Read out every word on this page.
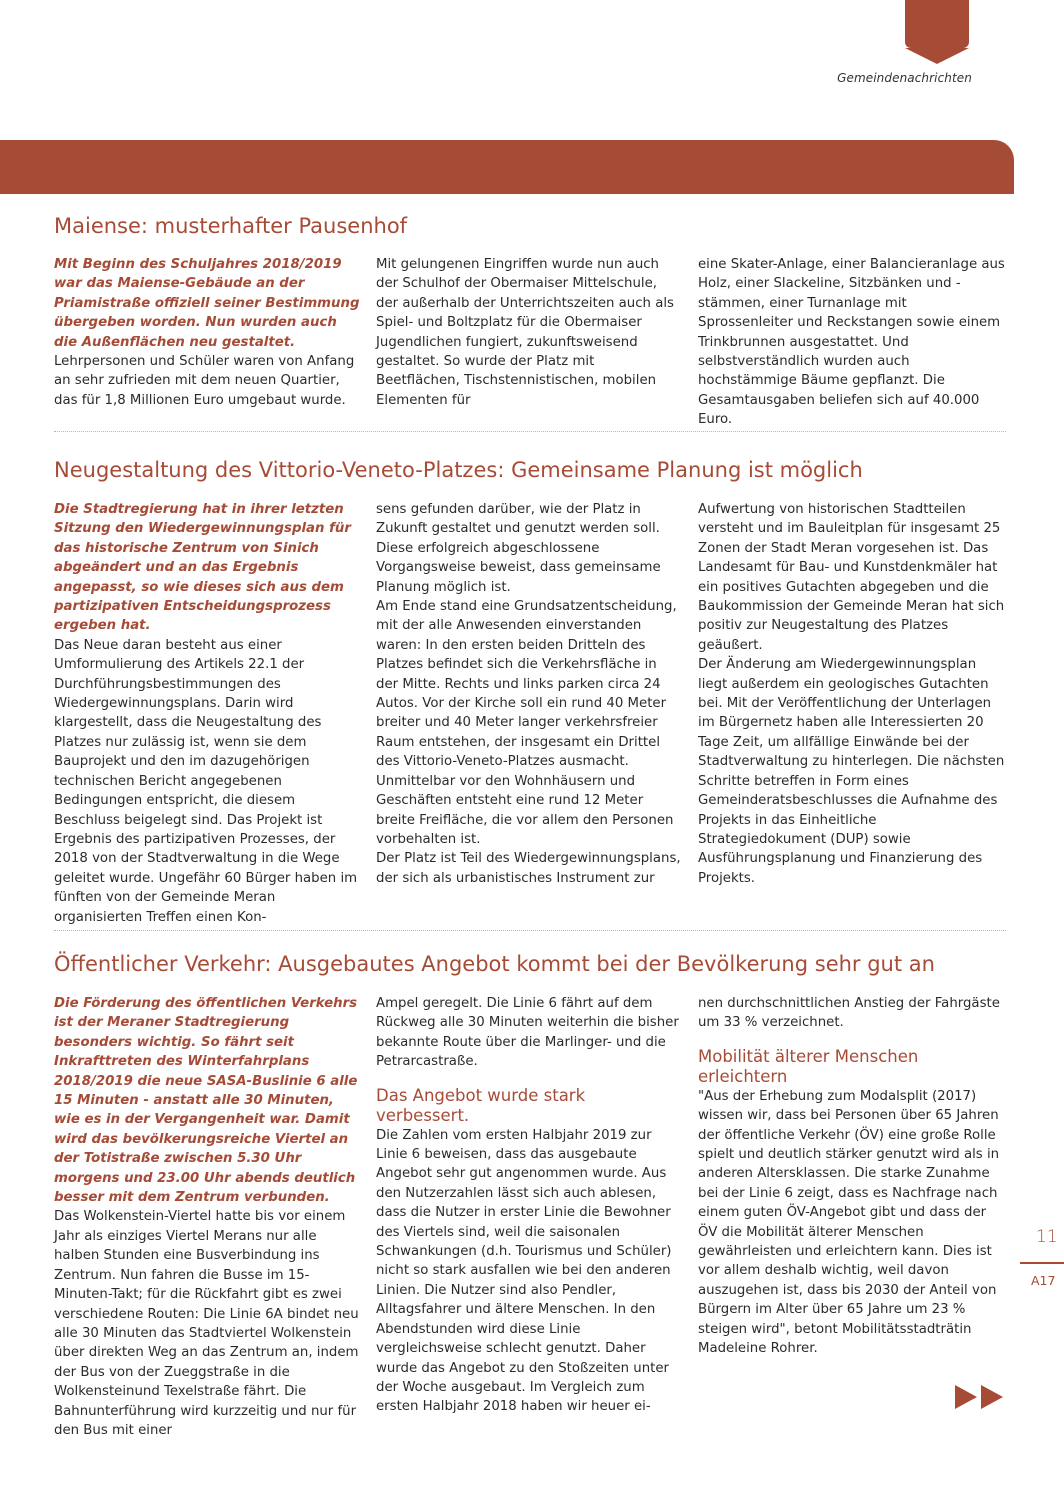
Gemeindenachrichten
Maiense: musterhafter Pausenhof

Mit Beginn des Schuljahres 2018/2019 war das Maiense-Gebäude an der Priamistraße offiziell seiner Bestimmung übergeben worden. Nun wurden auch die Außenflächen neu gestaltet.

Lehrpersonen und Schüler waren von Anfang an sehr zufrieden mit dem neuen Quartier, das für 1,8 Millionen Euro umgebaut wurde.

Mit gelungenen Eingriffen wurde nun auch der Schulhof der Obermaiser Mittelschule, der außerhalb der Unterrichtszeiten auch als Spiel- und Boltzplatz für die Obermaiser Jugendlichen fungiert, zukunftsweisend gestaltet. So wurde der Platz mit Beetflächen, Tischstennistischen, mobilen Elementen für

eine Skater-Anlage, einer Balancieranlage aus Holz, einer Slackeline, Sitzbänken und -stämmen, einer Turnanlage mit Sprossenleiter und Reckstangen sowie einem Trinkbrunnen ausgestattet. Und selbstverständlich wurden auch hochstämmige Bäume gepflanzt. Die Gesamtausgaben beliefen sich auf 40.000 Euro.

Neugestaltung des Vittorio-Veneto-Platzes: Gemeinsame Planung ist möglich

Die Stadtregierung hat in ihrer letzten Sitzung den Wiedergewinnungsplan für das historische Zentrum von Sinich abgeändert und an das Ergebnis angepasst, so wie dieses sich aus dem partizipativen Entscheidungsprozess ergeben hat.

Das Neue daran besteht aus einer Umformulierung des Artikels 22.1 der Durchführungsbestimmungen des Wiedergewinnungsplans. Darin wird klargestellt, dass die Neugestaltung des Platzes nur zulässig ist, wenn sie dem Bauprojekt und den im dazugehörigen technischen Bericht angegebenen Bedingungen entspricht, die diesem Beschluss beigelegt sind. Das Projekt ist Ergebnis des partizipativen Prozesses, der 2018 von der Stadtverwaltung in die Wege geleitet wurde. Ungefähr 60 Bürger haben im fünften von der Gemeinde Meran organisierten Treffen einen Kon-

sens gefunden darüber, wie der Platz in Zukunft gestaltet und genutzt werden soll. Diese erfolgreich abgeschlossene Vorgangsweise beweist, dass gemeinsame Planung möglich ist.

Am Ende stand eine Grundsatzentscheidung, mit der alle Anwesenden einverstanden waren: In den ersten beiden Dritteln des Platzes befindet sich die Verkehrsfläche in der Mitte. Rechts und links parken circa 24 Autos. Vor der Kirche soll ein rund 40 Meter breiter und 40 Meter langer verkehrsfreier Raum entstehen, der insgesamt ein Drittel des Vittorio-Veneto-Platzes ausmacht. Unmittelbar vor den Wohnhäusern und Geschäften entsteht eine rund 12 Meter breite Freifläche, die vor allem den Personen vorbehalten ist.

Der Platz ist Teil des Wiedergewinnungsplans, der sich als urbanistisches Instrument zur

Aufwertung von historischen Stadtteilen versteht und im Bauleitplan für insgesamt 25 Zonen der Stadt Meran vorgesehen ist. Das Landesamt für Bau- und Kunstdenkmäler hat ein positives Gutachten abgegeben und die Baukommission der Gemeinde Meran hat sich positiv zur Neugestaltung des Platzes geäußert.

Der Änderung am Wiedergewinnungsplan liegt außerdem ein geologisches Gutachten bei. Mit der Veröffentlichung der Unterlagen im Bürgernetz haben alle Interessierten 20 Tage Zeit, um allfällige Einwände bei der Stadtverwaltung zu hinterlegen. Die nächsten Schritte betreffen in Form eines Gemeinderatsbeschlusses die Aufnahme des Projekts in das Einheitliche Strategiedokument (DUP) sowie Ausführungsplanung und Finanzierung des Projekts.

Öffentlicher Verkehr: Ausgebautes Angebot kommt bei der Bevölkerung sehr gut an

Die Förderung des öffentlichen Verkehrs ist der Meraner Stadtregierung besonders wichtig. So fährt seit Inkrafttreten des Winterfahrplans 2018/2019 die neue SASA-Buslinie 6 alle 15 Minuten - anstatt alle 30 Minuten, wie es in der Vergangenheit war. Damit wird das bevölkerungsreiche Viertel an der Totistraße zwischen 5.30 Uhr morgens und 23.00 Uhr abends deutlich besser mit dem Zentrum verbunden.

Das Wolkenstein-Viertel hatte bis vor einem Jahr als einziges Viertel Merans nur alle halben Stunden eine Busverbindung ins Zentrum. Nun fahren die Busse im 15-Minuten-Takt; für die Rückfahrt gibt es zwei verschiedene Routen: Die Linie 6A bindet neu alle 30 Minuten das Stadtviertel Wolkenstein über direkten Weg an das Zentrum an, indem der Bus von der Zueggstraße in die Wolkensteinund Texelstraße fährt. Die Bahnunterführung wird kurzzeitig und nur für den Bus mit einer

Ampel geregelt. Die Linie 6 fährt auf dem Rückweg alle 30 Minuten weiterhin die bisher bekannte Route über die Marlinger- und die Petrarcastraße.

Das Angebot wurde stark verbessert.

Die Zahlen vom ersten Halbjahr 2019 zur Linie 6 beweisen, dass das ausgebaute Angebot sehr gut angenommen wurde. Aus den Nutzerzahlen lässt sich auch ablesen, dass die Nutzer in erster Linie die Bewohner des Viertels sind, weil die saisonalen Schwankungen (d.h. Tourismus und Schüler) nicht so stark ausfallen wie bei den anderen Linien. Die Nutzer sind also Pendler, Alltagsfahrer und ältere Menschen. In den Abendstunden wird diese Linie vergleichsweise schlecht genutzt. Daher wurde das Angebot zu den Stoßzeiten unter der Woche ausgebaut. Im Vergleich zum ersten Halbjahr 2018 haben wir heuer ei-

nen durchschnittlichen Anstieg der Fahrgäste um 33 % verzeichnet.

Mobilität älterer Menschen erleichtern

"Aus der Erhebung zum Modalsplit (2017) wissen wir, dass bei Personen über 65 Jahren der öffentliche Verkehr (ÖV) eine große Rolle spielt und deutlich stärker genutzt wird als in anderen Altersklassen. Die starke Zunahme bei der Linie 6 zeigt, dass es Nachfrage nach einem guten ÖV-Angebot gibt und dass der ÖV die Mobilität älterer Menschen gewährleisten und erleichtern kann. Dies ist vor allem deshalb wichtig, weil davon auszugehen ist, dass bis 2030 der Anteil von Bürgern im Alter über 65 Jahre um 23 % steigen wird", betont Mobilitätsstadträtin Madeleine Rohrer.

11
A17
